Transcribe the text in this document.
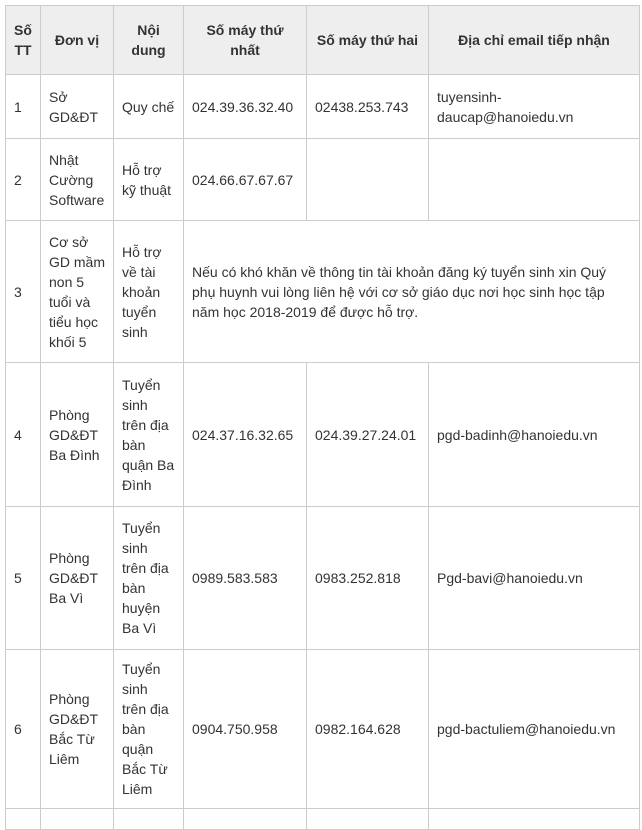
Số TT	Đơn vị	Nội dung	Số máy thứ nhất	Số máy thứ hai	Địa chỉ email tiếp nhận
1	Sở GD&ĐT	Quy chế	024.39.36.32.40	02438.253.743	tuyensinh-daucap@hanoiedu.vn
2	Nhật Cường Software	Hỗ trợ kỹ thuật	024.66.67.67.67		
3	Cơ sở GD mầm non 5 tuổi và tiểu học khối 5	Hỗ trợ về tài khoản tuyển sinh	Nếu có khó khăn về thông tin tài khoản đăng ký tuyển sinh xin Quý phụ huynh vui lòng liên hệ với cơ sở giáo dục nơi học sinh học tập năm học 2018-2019 để được hỗ trợ.		
4	Phòng GD&ĐT Ba Đình	Tuyển sinh trên địa bàn quận Ba Đình	024.37.16.32.65	024.39.27.24.01	pgd-badinh@hanoiedu.vn
5	Phòng GD&ĐT Ba Vì	Tuyển sinh trên địa bàn huyện Ba Vì	0989.583.583	0983.252.818	Pgd-bavi@hanoiedu.vn
6	Phòng GD&ĐT Bắc Từ Liêm	Tuyển sinh trên địa bàn quận Bắc Từ Liêm	0904.750.958	0982.164.628	pgd-bactuliem@hanoiedu.vn
